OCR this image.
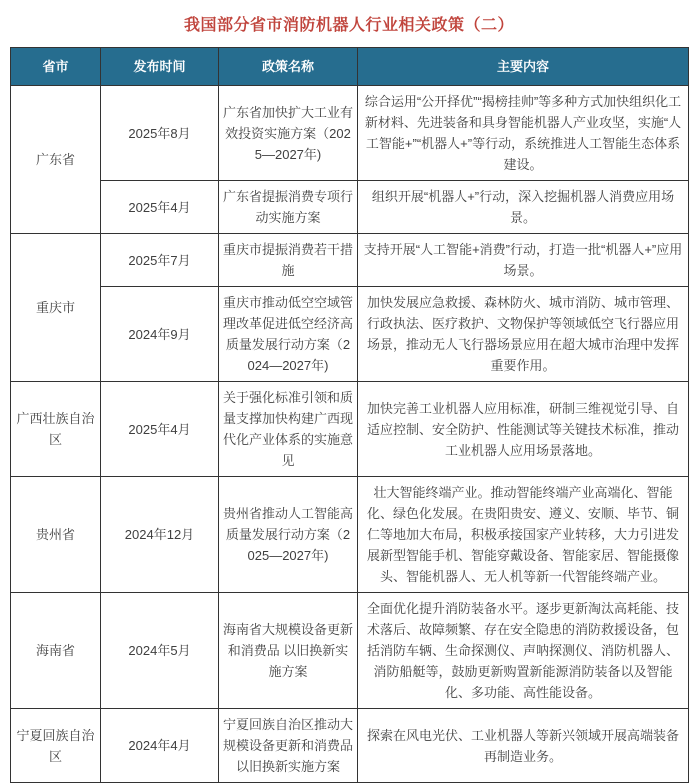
我国部分省市消防机器人行业相关政策（二）
省市	发布时间	政策名称	主要内容
广东省	2025年8月	广东省加快扩大工业有效投资实施方案（2025—2027年)	综合运用“公开择优”“揭榜挂帅”等多种方式加快组织化工新材料、先进装备和具身智能机器人产业攻坚，实施“人工智能+”“机器人+”等行动，系统推进人工智能生态体系建设。
	2025年4月	广东省提振消费专项行动实施方案	组织开展“机器人+”行动，深入挖掘机器人消费应用场景。
重庆市	2025年7月	重庆市提振消费若干措施	支持开展“人工智能+消费”行动，打造一批“机器人+”应用场景。
	2024年9月	重庆市推动低空空域管理改革促进低空经济高质量发展行动方案（2024—2027年)	加快发展应急救援、森林防火、城市消防、城市管理、行政执法、医疗救护、文物保护等领域低空飞行器应用场景，推动无人飞行器场景应用在超大城市治理中发挥重要作用。
广西壮族自治区	2025年4月	关于强化标准引领和质量支撑加快构建广西现代化产业体系的实施意见	加快完善工业机器人应用标准，研制三维视觉引导、自适应控制、安全防护、性能测试等关键技术标准，推动工业机器人应用场景落地。
贵州省	2024年12月	贵州省推动人工智能高质量发展行动方案（2025—2027年)	壮大智能终端产业。推动智能终端产业高端化、智能化、绿色化发展。在贵阳贵安、遵义、安顺、毕节、铜仁等地加大布局，积极承接国家产业转移，大力引进发展新型智能手机、智能穿戴设备、智能家居、智能摄像头、智能机器人、无人机等新一代智能终端产业。
海南省	2024年5月	海南省大规模设备更新和消费品 以旧换新实施方案	全面优化提升消防装备水平。逐步更新淘汰高耗能、技术落后、故障频繁、存在安全隐患的消防救援设备，包括消防车辆、生命探测仪、声呐探测仪、消防机器人、消防船艇等，鼓励更新购置新能源消防装备以及智能化、多功能、高性能设备。
宁夏回族自治区	2024年4月	宁夏回族自治区推动大规模设备更新和消费品以旧换新实施方案	探索在风电光伏、工业机器人等新兴领域开展高端装备再制造业务。
